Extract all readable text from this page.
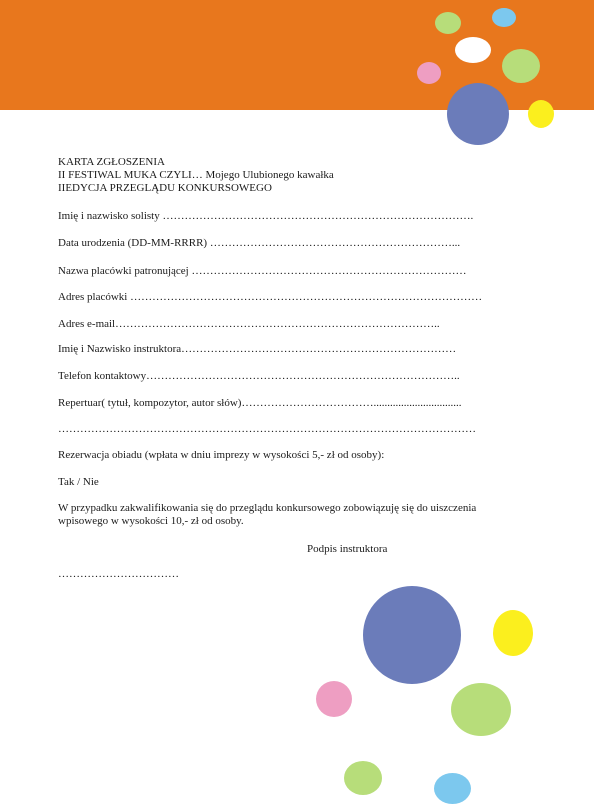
KARTA ZGŁOSZENIA
II FESTIWAL MUKA CZYLI… Mojego Ulubionego kawałka
IIEDYCJA PRZEGLĄDU KONKURSOWEGO
Imię i nazwisko solisty ………………………………………………………………………….
Data urodzenia (DD-MM-RRRR) …………………………………………………………...
Nazwa placówki patronującej …………………………………………………………………
Adres placówki ……………………………………………………………………………………
Adres e-mail……………………………………………………………………………..
Imię i Nazwisko instruktora…………………………………………………………………
Telefon kontaktowy…………………………………………………………………………..
Repertuar( tytuł, kompozytor, autor słów)………………………………................................
……………………………………………………………………………………………………
Rezerwacja obiadu (wpłata w dniu imprezy w wysokości 5,- zł od osoby):
Tak / Nie
W przypadku zakwalifikowania się do przeglądu konkursowego zobowiązuję się do uiszczenia
wpisowego w wysokości 10,- zł od osoby.
Podpis instruktora
……………………………
